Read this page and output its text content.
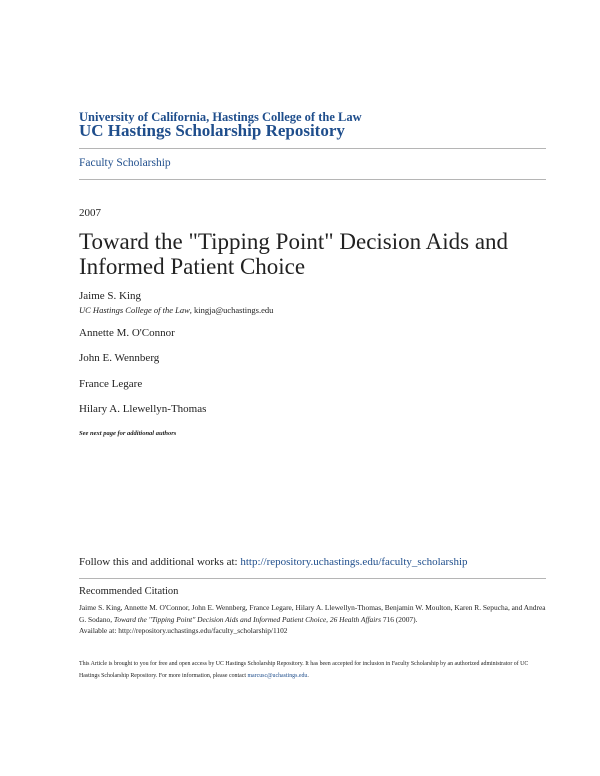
University of California, Hastings College of the Law
UC Hastings Scholarship Repository
Faculty Scholarship
2007
Toward the "Tipping Point" Decision Aids and Informed Patient Choice
Jaime S. King
UC Hastings College of the Law, kingja@uchastings.edu
Annette M. O'Connor
John E. Wennberg
France Legare
Hilary A. Llewellyn-Thomas
See next page for additional authors
Follow this and additional works at: http://repository.uchastings.edu/faculty_scholarship
Recommended Citation
Jaime S. King, Annette M. O'Connor, John E. Wennberg, France Legare, Hilary A. Llewellyn-Thomas, Benjamin W. Moulton, Karen R. Sepucha, and Andrea G. Sodano, Toward the "Tipping Point" Decision Aids and Informed Patient Choice, 26 Health Affairs 716 (2007).
Available at: http://repository.uchastings.edu/faculty_scholarship/1102
This Article is brought to you for free and open access by UC Hastings Scholarship Repository. It has been accepted for inclusion in Faculty Scholarship by an authorized administrator of UC Hastings Scholarship Repository. For more information, please contact marcusc@uchastings.edu.
